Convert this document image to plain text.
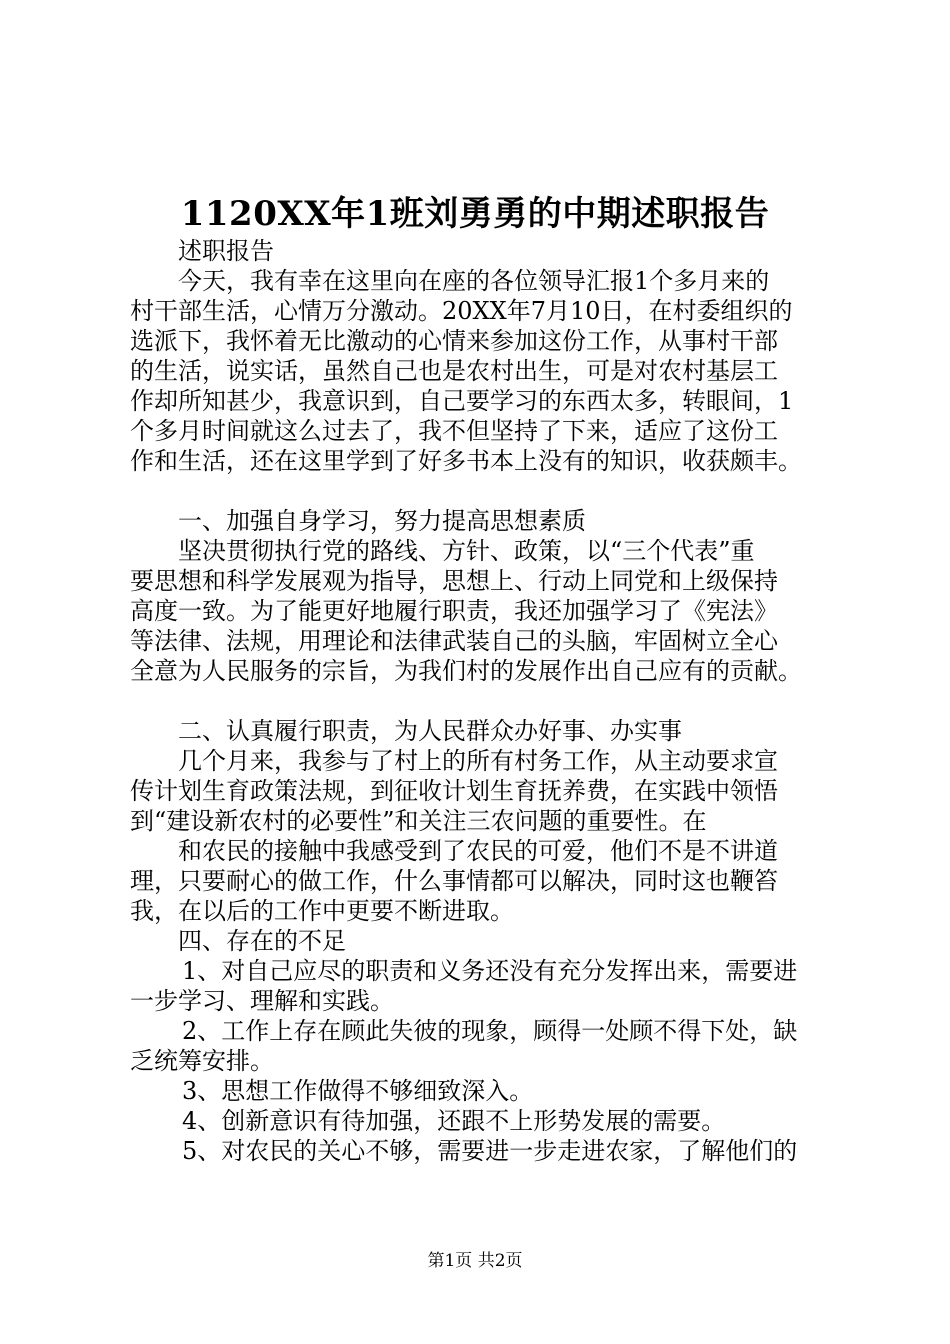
1120XX年1班刘勇勇的中期述职报告
述职报告
今天，我有幸在这里向在座的各位领导汇报1个多月来的
村干部生活，心情万分激动。20XX年7月10日，在村委组织的
选派下，我怀着无比激动的心情来参加这份工作，从事村干部
的生活，说实话，虽然自己也是农村出生，可是对农村基层工
作却所知甚少，我意识到，自己要学习的东西太多，转眼间，1
个多月时间就这么过去了，我不但坚持了下来，适应了这份工
作和生活，还在这里学到了好多书本上没有的知识，收获颇丰。
一、加强自身学习，努力提高思想素质
坚决贯彻执行党的路线、方针、政策，以“三个代表”重
要思想和科学发展观为指导，思想上、行动上同党和上级保持
高度一致。为了能更好地履行职责，我还加强学习了《宪法》
等法律、法规，用理论和法律武装自己的头脑，牢固树立全心
全意为人民服务的宗旨，为我们村的发展作出自己应有的贡献。
二、认真履行职责，为人民群众办好事、办实事
几个月来，我参与了村上的所有村务工作，从主动要求宣
传计划生育政策法规，到征收计划生育抚养费，在实践中领悟
到“建设新农村的必要性”和关注三农问题的重要性。在
和农民的接触中我感受到了农民的可爱，他们不是不讲道
理，只要耐心的做工作，什么事情都可以解决，同时这也鞭笞
我，在以后的工作中更要不断进取。
四、存在的不足
1、对自己应尽的职责和义务还没有充分发挥出来，需要进
一步学习、理解和实践。
2、工作上存在顾此失彼的现象，顾得一处顾不得下处，缺
乏统筹安排。
3、思想工作做得不够细致深入。
4、创新意识有待加强，还跟不上形势发展的需要。
5、对农民的关心不够，需要进一步走进农家，了解他们的
第1页 共2页
